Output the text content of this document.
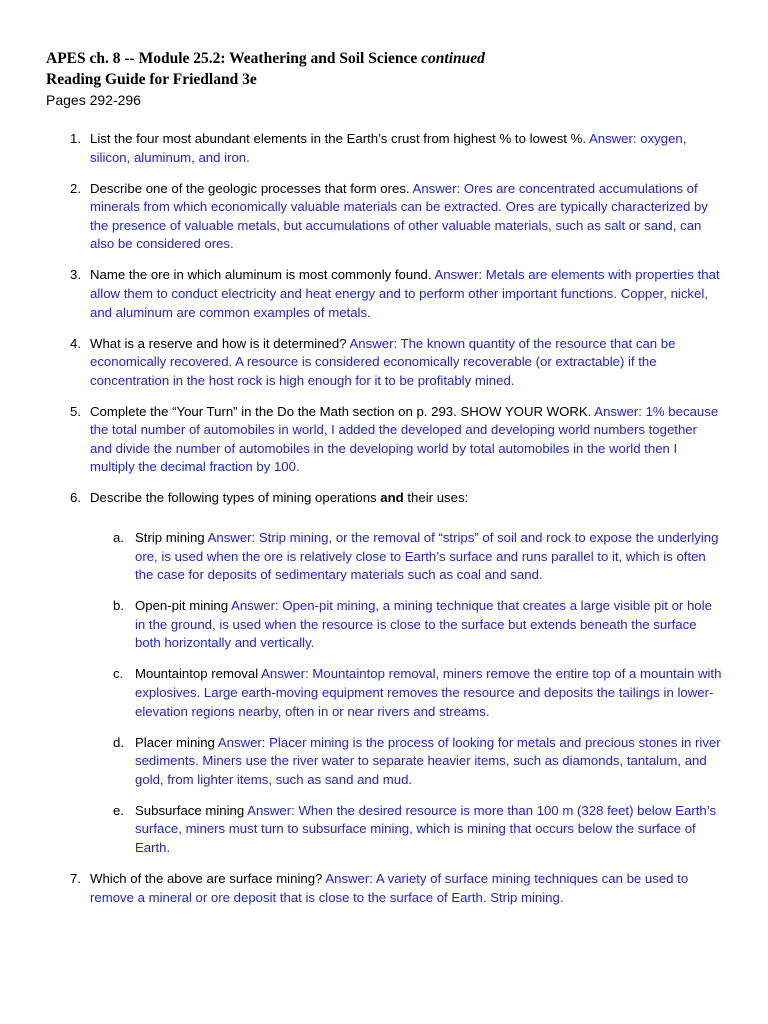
APES ch. 8 -- Module 25.2: Weathering and Soil Science continued
Reading Guide for Friedland 3e
Pages 292-296
1. List the four most abundant elements in the Earth’s crust from highest % to lowest %. Answer: oxygen, silicon, aluminum, and iron.
2. Describe one of the geologic processes that form ores. Answer: Ores are concentrated accumulations of minerals from which economically valuable materials can be extracted. Ores are typically characterized by the presence of valuable metals, but accumulations of other valuable materials, such as salt or sand, can also be considered ores.
3. Name the ore in which aluminum is most commonly found. Answer: Metals are elements with properties that allow them to conduct electricity and heat energy and to perform other important functions. Copper, nickel, and aluminum are common examples of metals.
4. What is a reserve and how is it determined? Answer: The known quantity of the resource that can be economically recovered. A resource is considered economically recoverable (or extractable) if the concentration in the host rock is high enough for it to be profitably mined.
5. Complete the “Your Turn” in the Do the Math section on p. 293. SHOW YOUR WORK. Answer: 1% because the total number of automobiles in world, I added the developed and developing world numbers together and divide the number of automobiles in the developing world by total automobiles in the world then I multiply the decimal fraction by 100.
6. Describe the following types of mining operations and their uses:
a. Strip mining Answer: Strip mining, or the removal of “strips” of soil and rock to expose the underlying ore, is used when the ore is relatively close to Earth’s surface and runs parallel to it, which is often the case for deposits of sedimentary materials such as coal and sand.
b. Open-pit mining Answer: Open-pit mining, a mining technique that creates a large visible pit or hole in the ground, is used when the resource is close to the surface but extends beneath the surface both horizontally and vertically.
c. Mountaintop removal Answer: Mountaintop removal, miners remove the entire top of a mountain with explosives. Large earth-moving equipment removes the resource and deposits the tailings in lower-elevation regions nearby, often in or near rivers and streams.
d. Placer mining Answer: Placer mining is the process of looking for metals and precious stones in river sediments. Miners use the river water to separate heavier items, such as diamonds, tantalum, and gold, from lighter items, such as sand and mud.
e. Subsurface mining Answer: When the desired resource is more than 100 m (328 feet) below Earth’s surface, miners must turn to subsurface mining, which is mining that occurs below the surface of Earth.
7. Which of the above are surface mining? Answer: A variety of surface mining techniques can be used to remove a mineral or ore deposit that is close to the surface of Earth. Strip mining.
